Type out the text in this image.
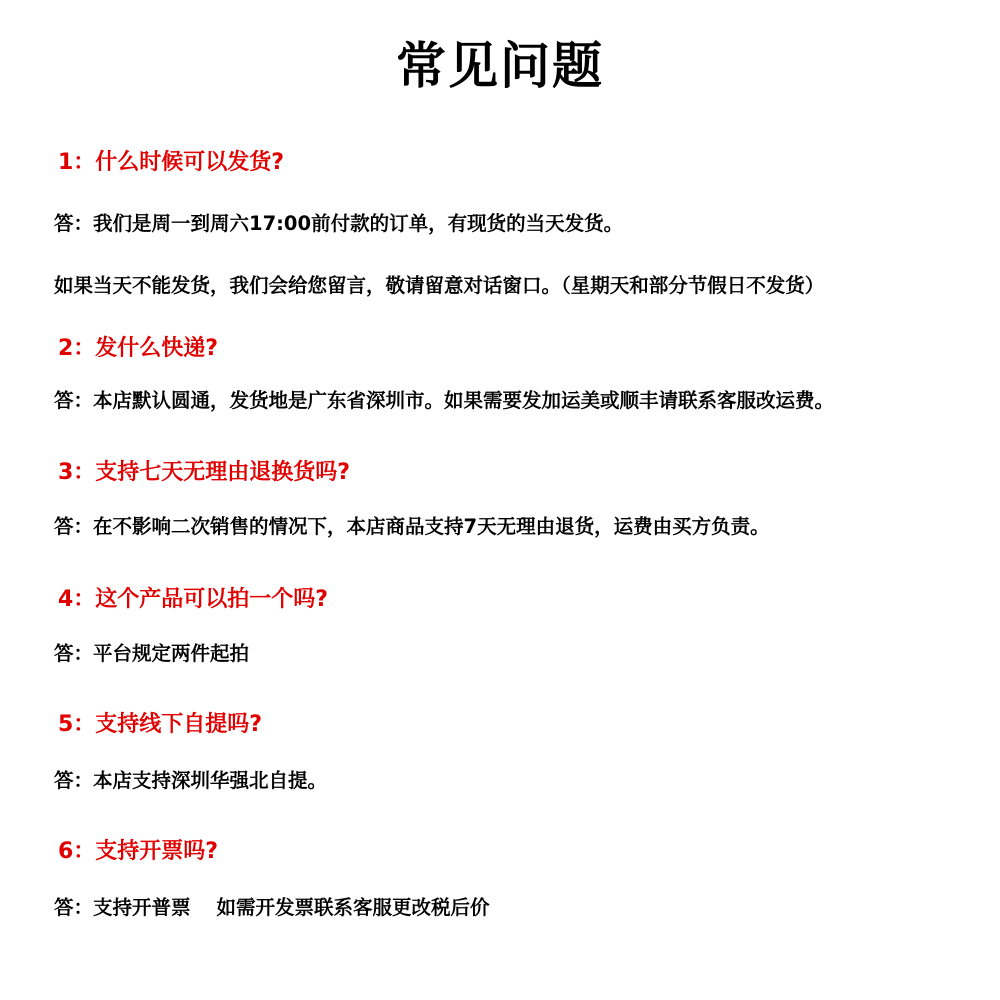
常见问题
1：什么时候可以发货?
答：我们是周一到周六17:00前付款的订单，有现货的当天发货。
如果当天不能发货，我们会给您留言，敬请留意对话窗口。（星期天和部分节假日不发货）
2：发什么快递?
答：本店默认圆通，发货地是广东省深圳市。如果需要发加运美或顺丰请联系客服改运费。
3：支持七天无理由退换货吗?
答：在不影响二次销售的情况下，本店商品支持7天无理由退货，运费由买方负责。
4：这个产品可以拍一个吗?
答：平台规定两件起拍
5：支持线下自提吗?
答：本店支持深圳华强北自提。
6：支持开票吗?
答：支持开普票 如需开发票联系客服更改税后价
